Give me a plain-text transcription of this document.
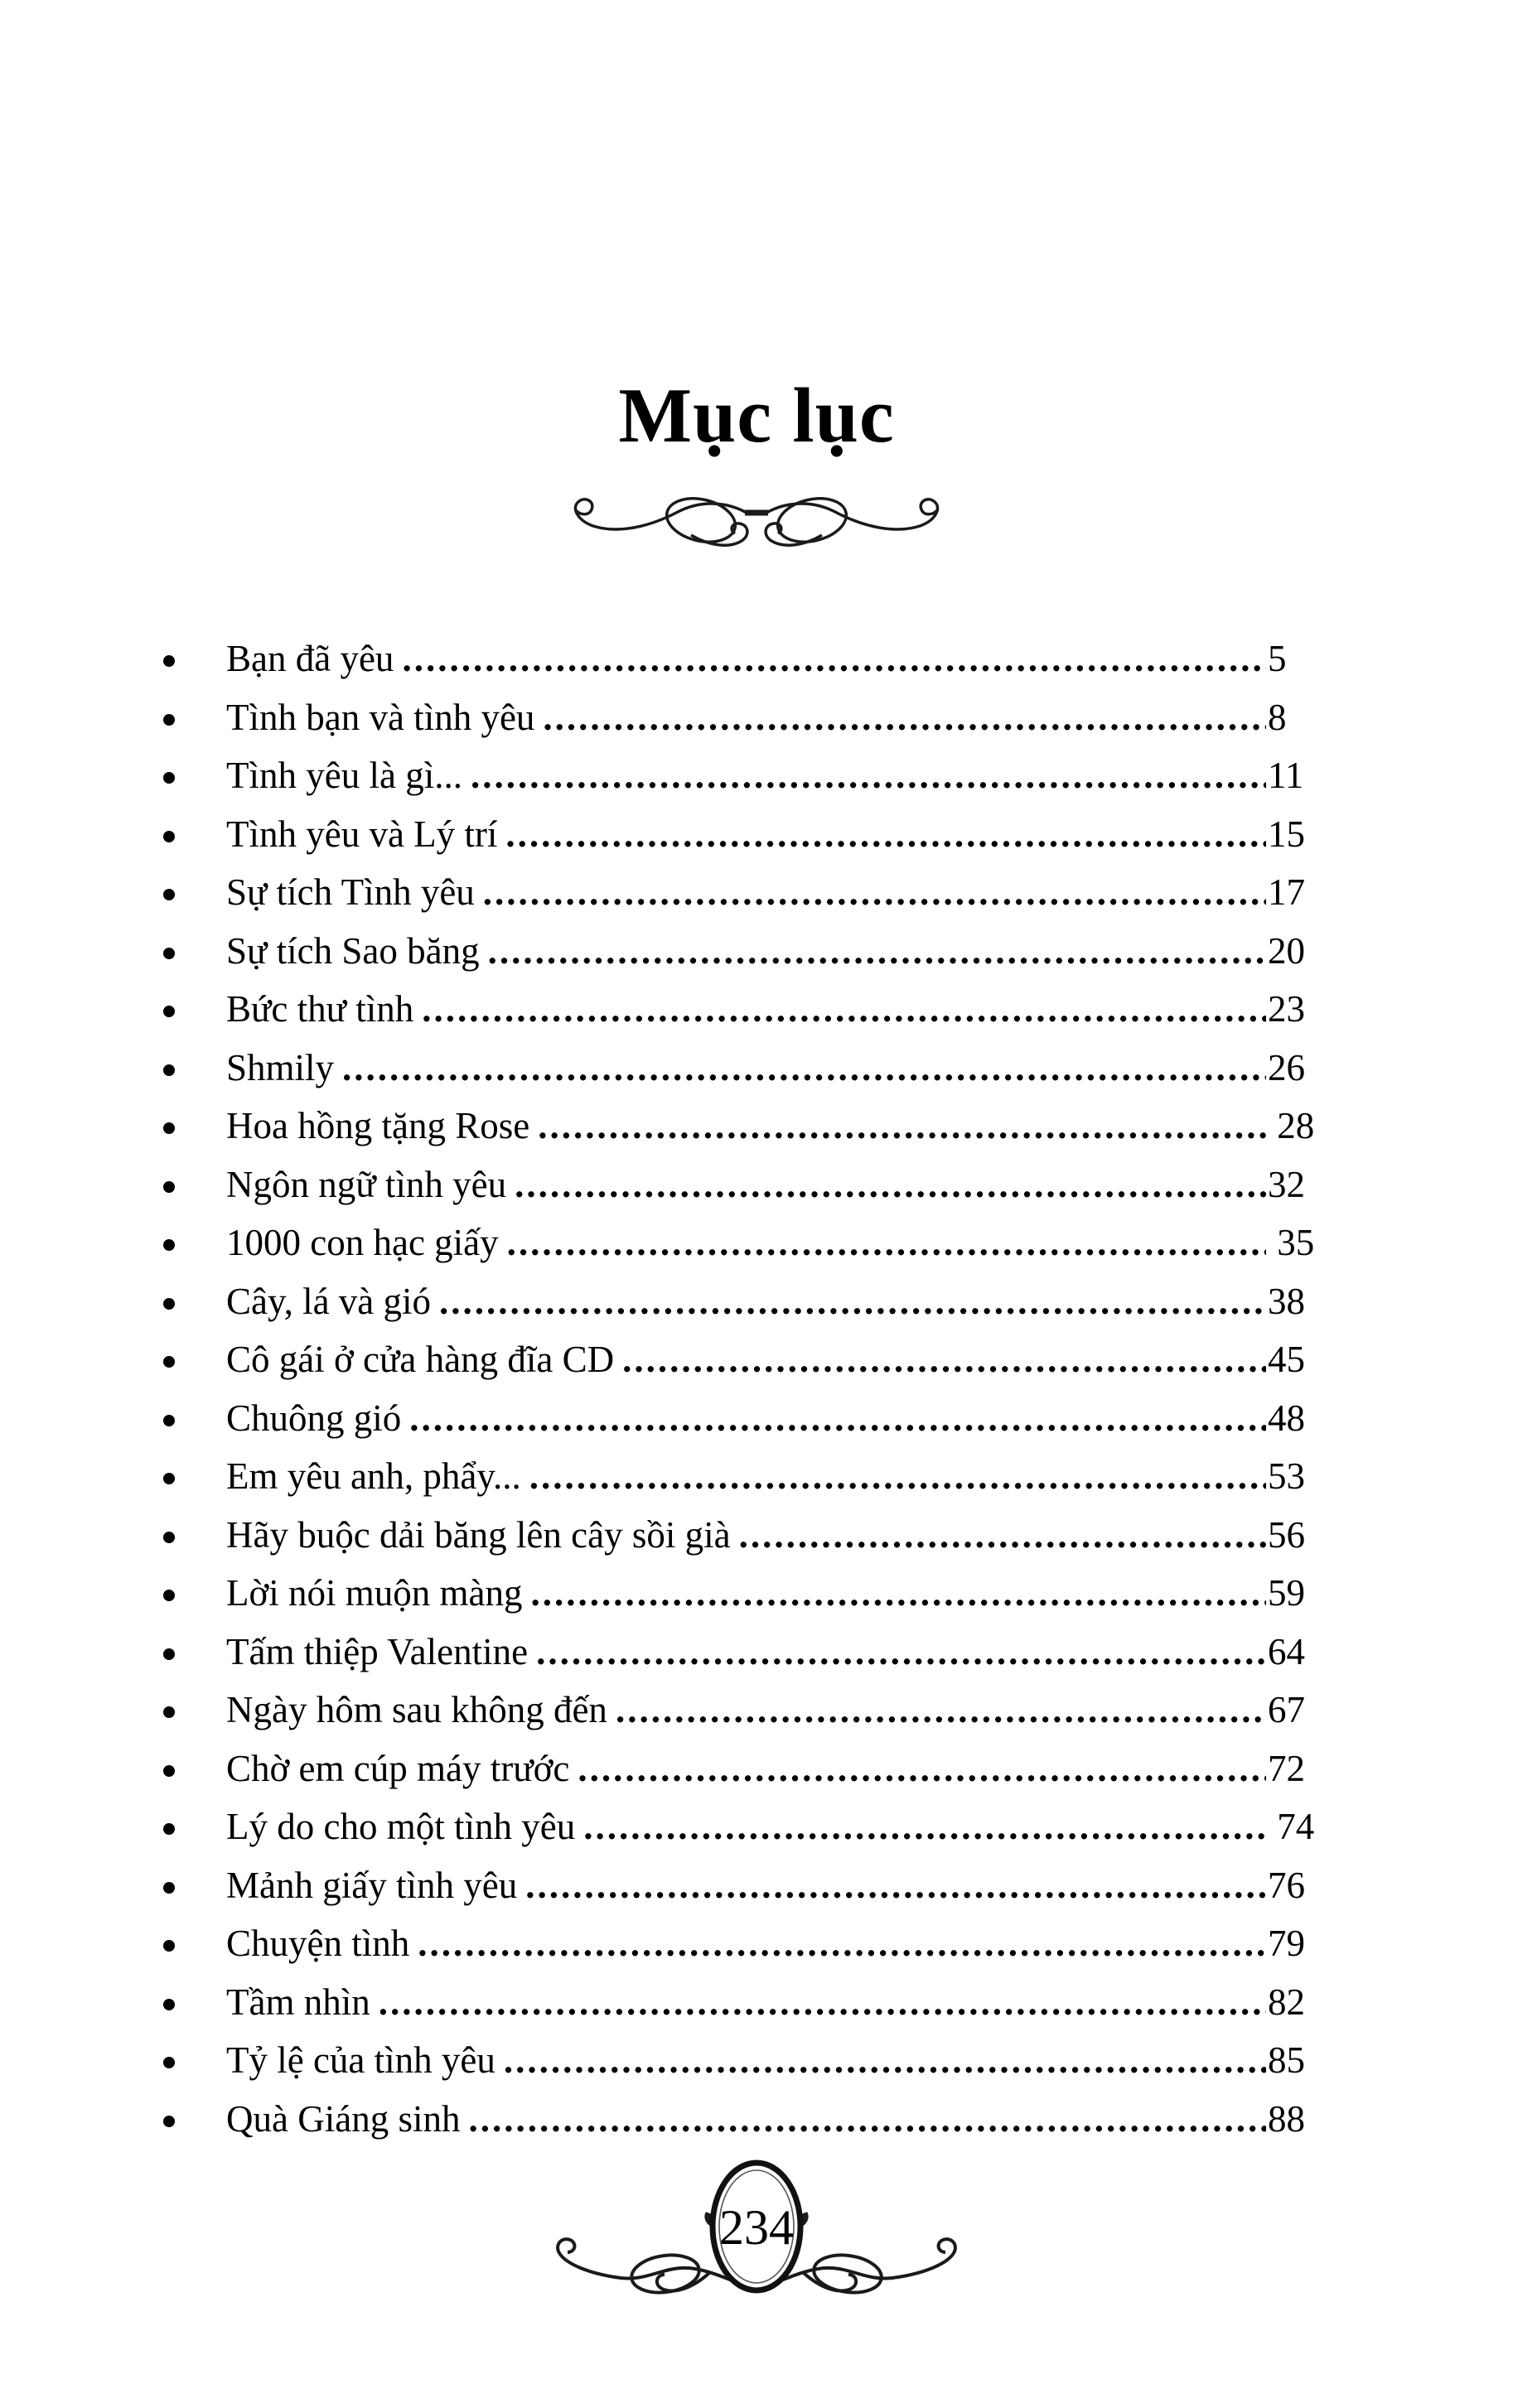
Mục lục
Bạn đã yêu .....	5
Tình bạn và tình yêu .....	8
Tình yêu là gì... .....	11
Tình yêu và Lý trí .....	15
Sự tích Tình yêu .....	17
Sự tích Sao băng .....	20
Bức thư tình .....	23
Shmily .....	26
Hoa hồng tặng Rose .....	28
Ngôn ngữ tình yêu .....	32
1000 con hạc giấy .....	35
Cây, lá và gió .....	38
Cô gái ở cửa hàng đĩa CD .....	45
Chuông gió .....	48
Em yêu anh, phẩy... .....	53
Hãy buộc dải băng lên cây sồi già .....	56
Lời nói muộn màng .....	59
Tấm thiệp Valentine .....	64
Ngày hôm sau không đến .....	67
Chờ em cúp máy trước .....	72
Lý do cho một tình yêu .....	74
Mảnh giấy tình yêu .....	76
Chuyện tình .....	79
Tầm nhìn .....	82
Tỷ lệ của tình yêu .....	85
Quà Giáng sinh .....	88
234
